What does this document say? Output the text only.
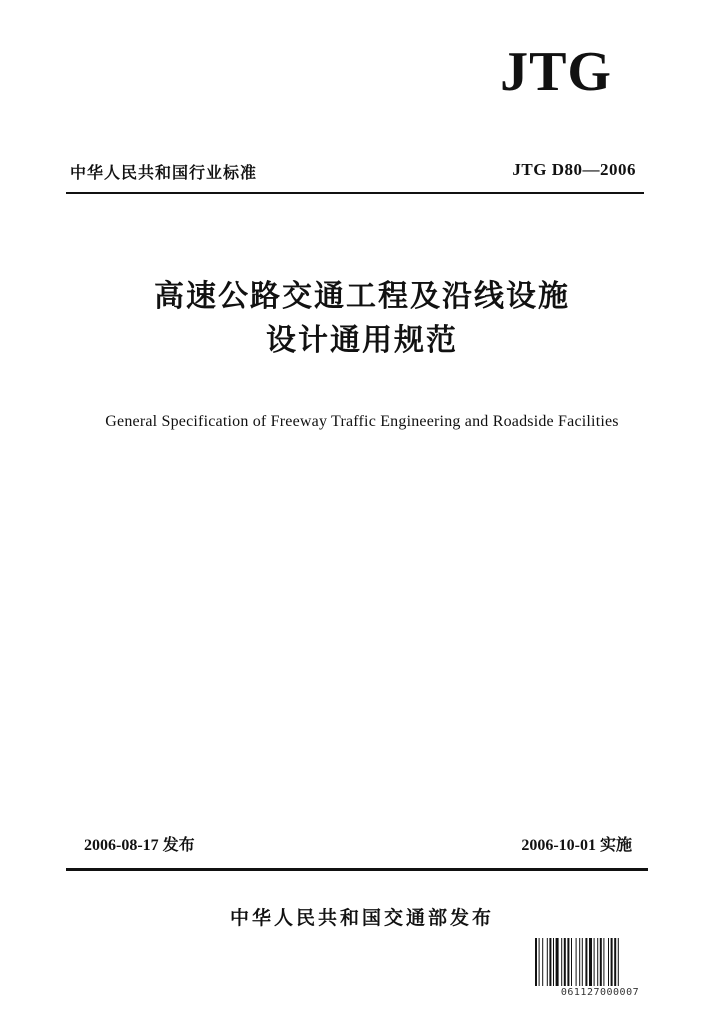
JTG
中华人民共和国行业标准	JTG D80—2006
高速公路交通工程及沿线设施
设计通用规范
General Specification of Freeway Traffic Engineering and Roadside Facilities
2006-08-17 发布	2006-10-01 实施
中华人民共和国交通部发布
061127000007
